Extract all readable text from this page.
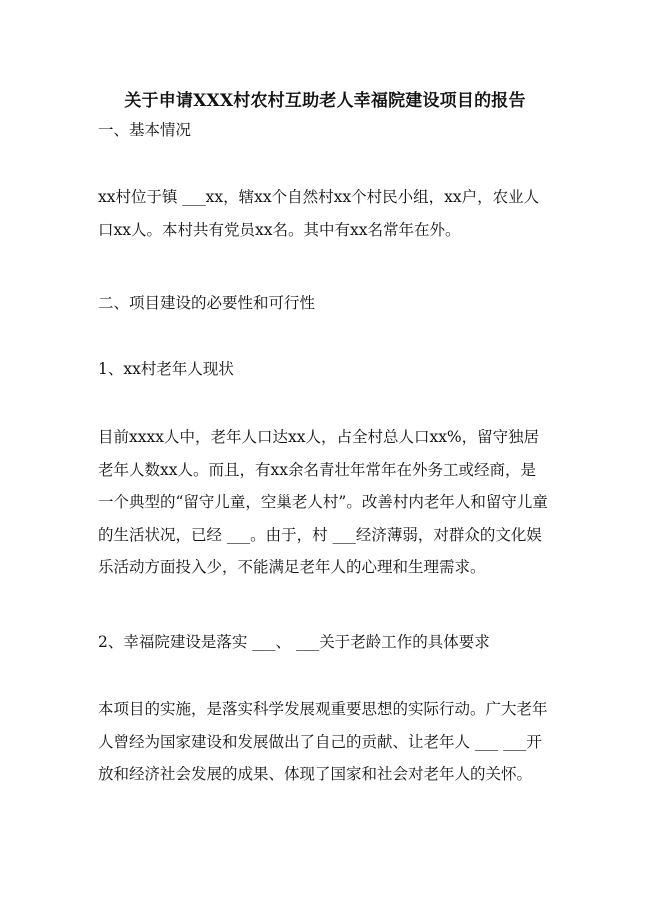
关于申请XXX村农村互助老人幸福院建设项目的报告
一、基本情况
xx村位于镇 ___xx，辖xx个自然村xx个村民小组，xx户，农业人口xx人。本村共有党员xx名。其中有xx名常年在外。
二、项目建设的必要性和可行性
1、xx村老年人现状
目前xxxx人中，老年人口达xx人，占全村总人口xx%，留守独居老年人数xx人。而且，有xx余名青壮年常年在外务工或经商，是一个典型的“留守儿童，空巢老人村”。改善村内老年人和留守儿童的生活状况，已经 ___。由于，村 ___经济薄弱，对群众的文化娱乐活动方面投入少，不能满足老年人的心理和生理需求。
2、幸福院建设是落实 ___、 ___关于老龄工作的具体要求
本项目的实施，是落实科学发展观重要思想的实际行动。广大老年人曾经为国家建设和发展做出了自己的贡献、让老年人 ___ ___开放和经济社会发展的成果、体现了国家和社会对老年人的关怀。
